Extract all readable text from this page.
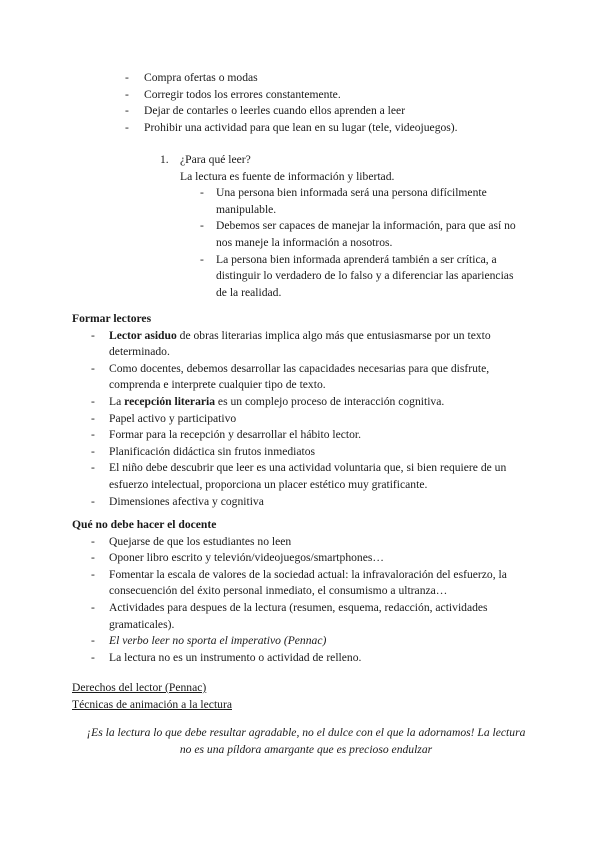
- Compra ofertas o modas
- Corregir todos los errores constantemente.
- Dejar de contarles o leerles cuando ellos aprenden a leer
- Prohibir una actividad para que lean en su lugar (tele, videojuegos).
1. ¿Para qué leer?
La lectura es fuente de información y libertad.
- Una persona bien informada será una persona difícilmente manipulable.
- Debemos ser capaces de manejar la información, para que así no nos maneje la información a nosotros.
- La persona bien informada aprenderá también a ser crítica, a distinguir lo verdadero de lo falso y a diferenciar las apariencias de la realidad.

Formar lectores

- Lector asiduo de obras literarias implica algo más que entusiasmarse por un texto determinado.
- Como docentes, debemos desarrollar las capacidades necesarias para que disfrute, comprenda e interprete cualquier tipo de texto.
- La recepción literaria es un complejo proceso de interacción cognitiva.
- Papel activo y participativo
- Formar para la recepción y desarrollar el hábito lector.
- Planificación didáctica sin frutos inmediatos
- El niño debe descubrir que leer es una actividad voluntaria que, si bien requiere de un esfuerzo intelectual, proporciona un placer estético muy gratificante.
- Dimensiones afectiva y cognitiva

Qué no debe hacer el docente

- Quejarse de que los estudiantes no leen
- Oponer libro escrito y televión/videojuegos/smartphones…
- Fomentar la escala de valores de la sociedad actual: la infravaloración del esfuerzo, la consecuención del éxito personal inmediato, el consumismo a ultranza…
- Actividades para despues de la lectura (resumen, esquema, redacción, actividades gramaticales).
- El verbo leer no sporta el imperativo (Pennac)
- La lectura no es un instrumento o actividad de relleno.
Derechos del lector (Pennac)
Técnicas de animación a la lectura
¡Es la lectura lo que debe resultar agradable, no el dulce con el que la adornamos! La lectura no es una píldora amargante que es precioso endulzar
